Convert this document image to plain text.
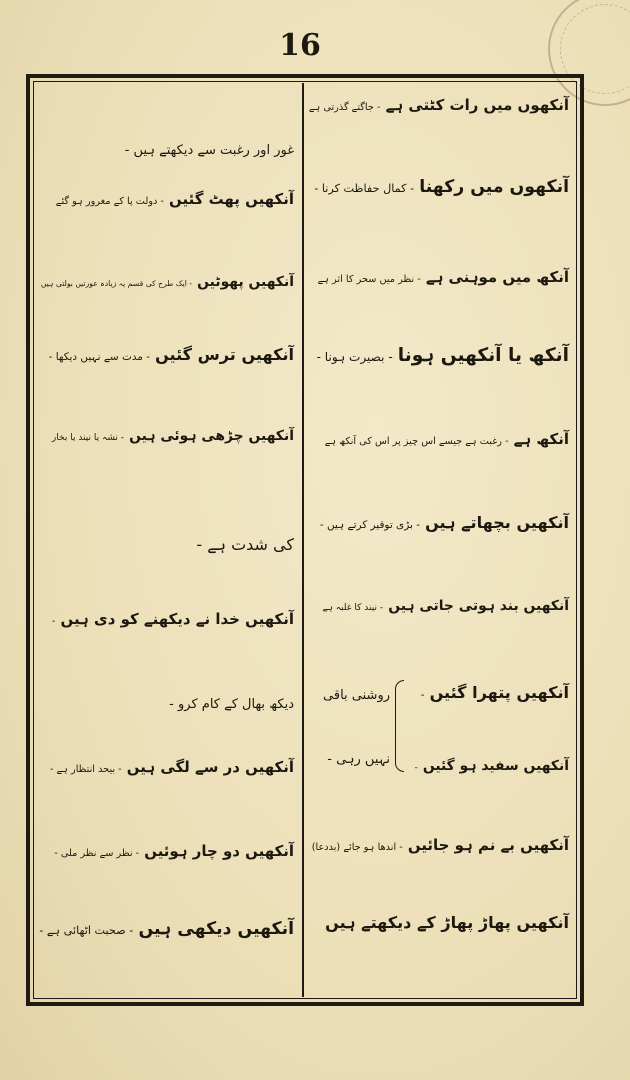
16
آنکھوں میں رات کٹتی ہے - جاگتے گذرتی ہے
آنکھوں میں رکھنا - کمال حفاظت کرنا -
آنکھ میں موہنی ہے - نظر میں سحر کا اثر ہے
آنکھ یا آنکھیں ہونا - بصیرت ہونا -
آنکھ ہے - رغبت ہے جیسے اس چیز پر اس کی آنکھ ہے
آنکھیں بچھاتے ہیں - بڑی توقیر کرتے ہیں -
آنکھیں بند ہوتی جاتی ہیں - نیند کا غلبہ ہے
آنکھیں پتھرا گئیں -
آنکھیں سفید ہو گئیں -
آنکھیں بے نم ہو جائیں - اندھا ہو جائے (بددعا)
آنکھیں پھاڑ پھاڑ کے دیکھتے ہیں
روشنی باقی
نہیں رہی -
غور اور رغبت سے دیکھتے ہیں -
آنکھیں پھٹ گئیں - دولت پا کے مغرور ہو گئے
آنکھیں پھوٹیں - ایک طرح کی قسم یہ زیادہ عورتیں بولتی ہیں
آنکھیں ترس گئیں - مدت سے نہیں دیکھا -
آنکھیں چڑھی ہوئی ہیں - نشہ یا نیند یا بخار
کی شدت ہے -
آنکھیں خدا نے دیکھنے کو دی ہیں -
دیکھ بھال کے کام کرو -
آنکھیں در سے لگی ہیں - بیحد انتظار ہے -
آنکھیں دو چار ہوئیں - نظر سے نظر ملی -
آنکھیں دیکھی ہیں - صحبت اٹھائی ہے -
